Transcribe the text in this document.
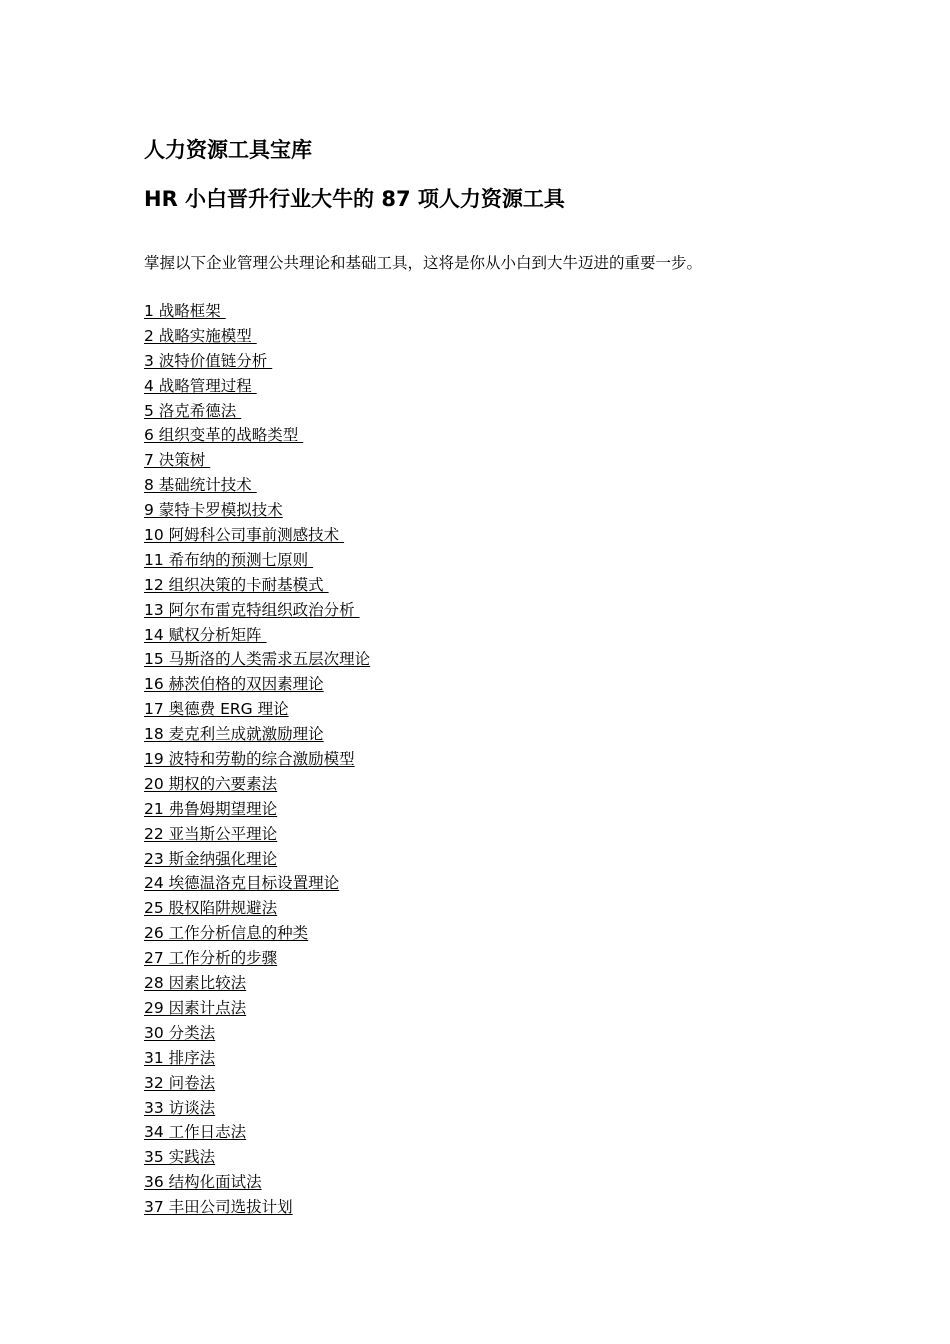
人力资源工具宝库
HR 小白晋升行业大牛的 87 项人力资源工具
掌握以下企业管理公共理论和基础工具，这将是你从小白到大牛迈进的重要一步。
1 战略框架
2 战略实施模型
3 波特价值链分析
4 战略管理过程
5 洛克希德法
6 组织变革的战略类型
7 决策树
8 基础统计技术
9 蒙特卡罗模拟技术
10 阿姆科公司事前测感技术
11 希布纳的预测七原则
12 组织决策的卡耐基模式
13 阿尔布雷克特组织政治分析
14 赋权分析矩阵
15 马斯洛的人类需求五层次理论
16 赫茨伯格的双因素理论
17 奥德费 ERG 理论
18 麦克利兰成就激励理论
19 波特和劳勒的综合激励模型
20 期权的六要素法
21 弗鲁姆期望理论
22 亚当斯公平理论
23 斯金纳强化理论
24 埃德温洛克目标设置理论
25 股权陷阱规避法
26 工作分析信息的种类
27 工作分析的步骤
28 因素比较法
29 因素计点法
30 分类法
31 排序法
32 问卷法
33 访谈法
34 工作日志法
35 实践法
36 结构化面试法
37 丰田公司选拔计划
